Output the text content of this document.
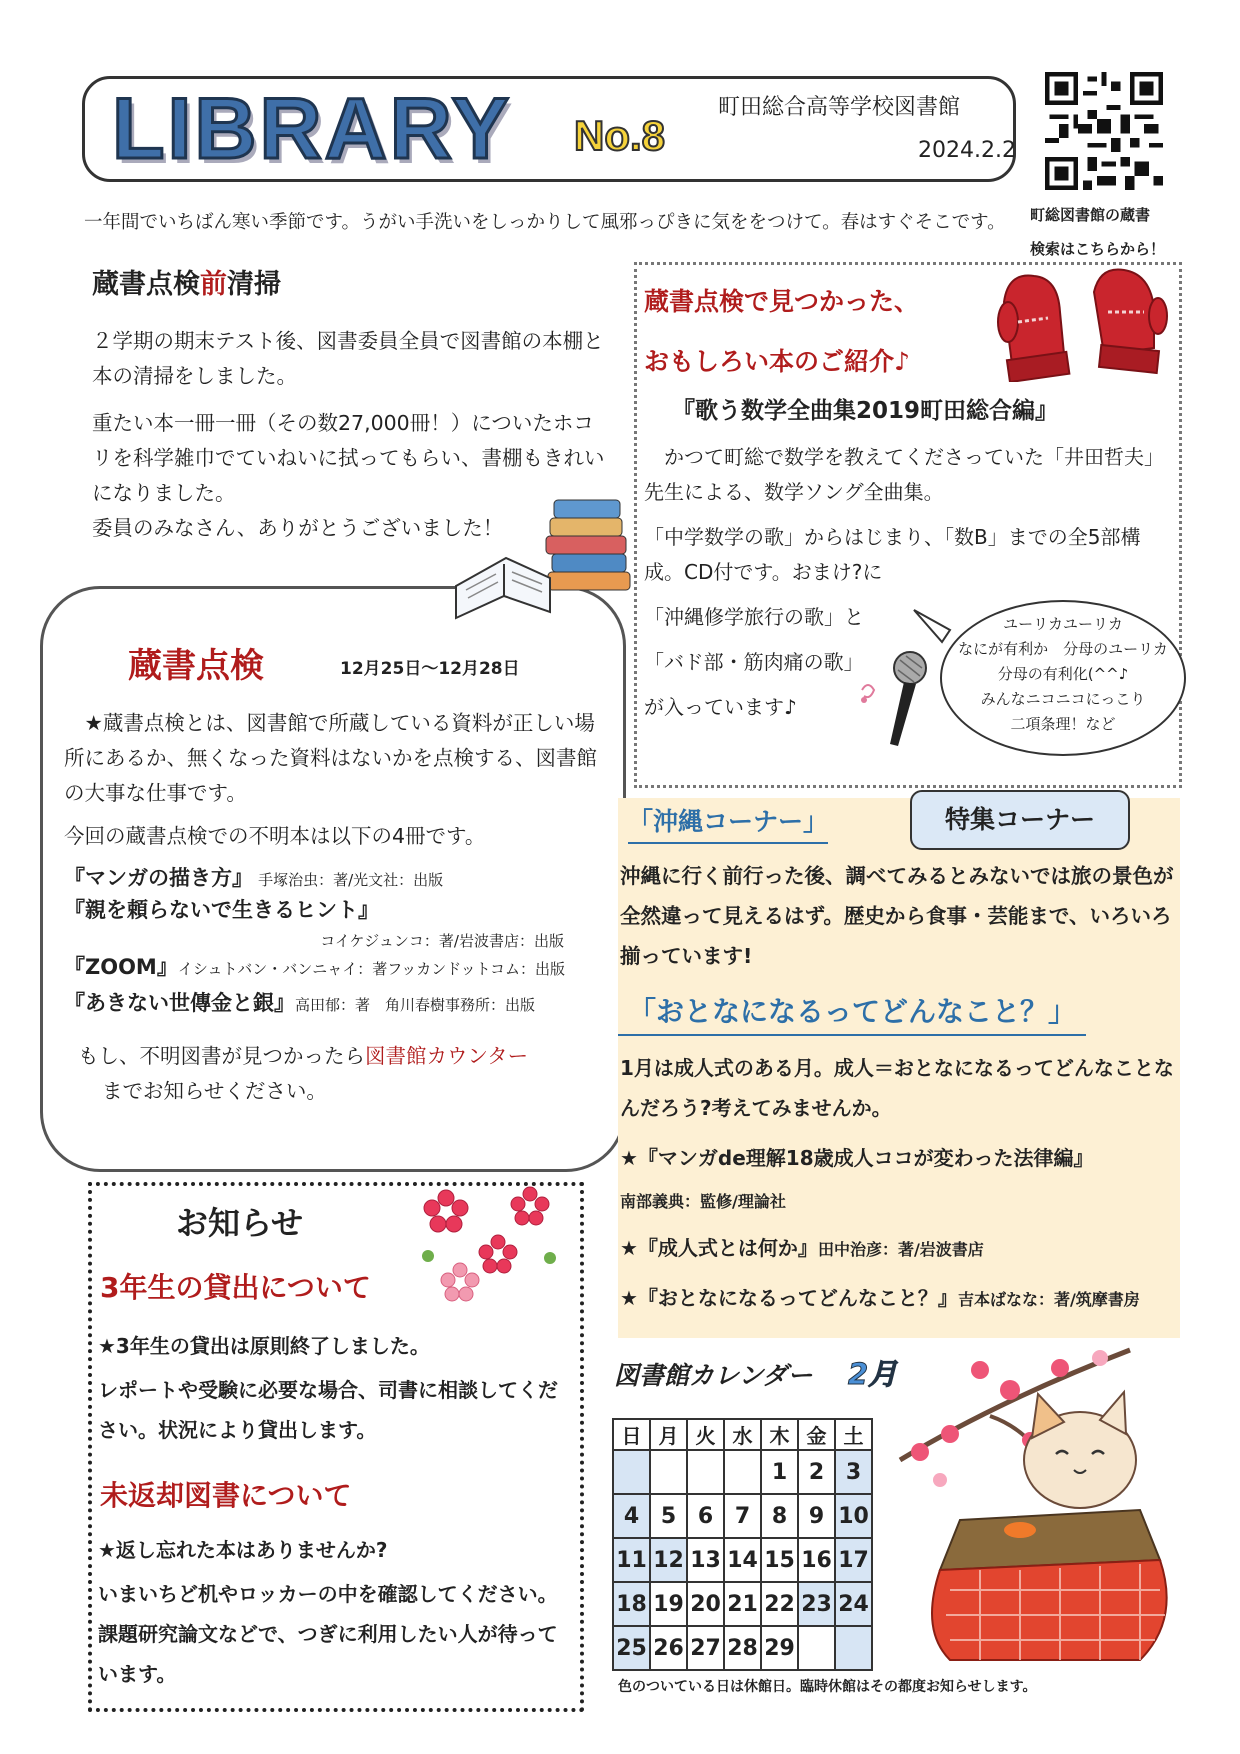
LIBRARY No.8
町田総合高等学校図書館
2024.2.2
町総図書館の蔵書
検索はこちらから！
一年間でいちばん寒い季節です。うがい手洗いをしっかりして風邪っぴきに気ををつけて。春はすぐそこです。
蔵書点検前清掃

２学期の期末テスト後、図書委員全員で図書館の本棚と本の清掃をしました。

重たい本一冊一冊（その数27,000冊！）についたホコリを科学雑巾でていねいに拭ってもらい、書棚もきれいになりました。

委員のみなさん、ありがとうございました！

蔵書点検	12月25日～12月28日

★蔵書点検とは、図書館で所蔵している資料が正しい場所にあるか、無くなった資料はないかを点検する、図書館の大事な仕事です。

今回の蔵書点検での不明本は以下の4冊です。

『マンガの描き方』 手塚治虫：著/光文社：出版
『親を頼らないで生きるヒント』
コイケジュンコ：著/岩波書店：出版
『ZOOM』イシュトバン・バンニャイ：著フッカンドットコム：出版
『あきない世傳金と銀』高田郁：著　角川春樹事務所：出版

もし、不明図書が見つかったら図書館カウンター

までお知らせください。

蔵書点検で見つかった、
おもしろい本のご紹介♪
『歌う数学全曲集2019町田総合編』

かつて町総で数学を教えてくださっていた「井田哲夫」先生による、数学ソング全曲集。

「中学数学の歌」からはじまり、「数B」までの全5部構成。CD付です。おまけ?に

「沖縄修学旅行の歌」と

「バド部・筋肉痛の歌」

が入っています♪

ユーリカユーリカ
なにが有利か　分母のユーリカ　分母の有利化(^^♪
みんなニコニコにっこり
二項条理！など
「沖縄コーナー」	特集コーナー

沖縄に行く前行った後、調べてみるとみないでは旅の景色が全然違って見えるはず。歴史から食事・芸能まで、いろいろ揃っています!

「おとなになるってどんなこと？」

1月は成人式のある月。成人＝おとなになるってどんなことなんだろう?考えてみませんか。

★『マンガde理解18歳成人ココが変わった法律編』

南部義典：監修/理論社

★『成人式とは何か』田中治彦：著/岩波書店

★『おとなになるってどんなこと？』吉本ばなな：著/筑摩書房

お知らせ
3年生の貸出について

★3年生の貸出は原則終了しました。

レポートや受験に必要な場合、司書に相談してください。状況により貸出します。

未返却図書について

★返し忘れた本はありませんか?

いまいちど机やロッカーの中を確認してください。課題研究論文などで、つぎに利用したい人が待っています。

図書館カレンダー 2月
日	月	火	水	木	金	土
				1	2	3
4	5	6	7	8	9	10
11	12	13	14	15	16	17
18	19	20	21	22	23	24
25	26	27	28	29		
色のついている日は休館日。臨時休館はその都度お知らせします。
